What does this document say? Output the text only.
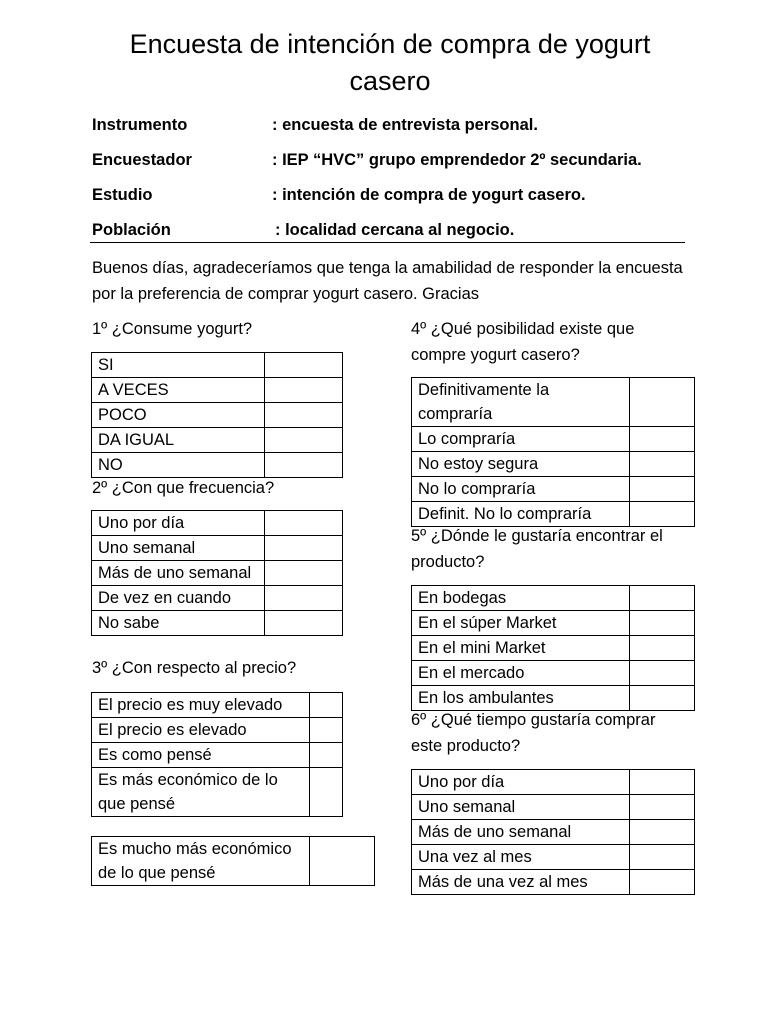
Encuesta de intención de compra de yogurt casero
Instrumento	: encuesta de entrevista personal.
Encuestador	: IEP “HVC” grupo emprendedor 2º secundaria.
Estudio	: intención de compra de yogurt casero.
Población	: localidad cercana al negocio.
Buenos días, agradeceríamos que tenga la amabilidad de responder la encuesta por la preferencia de comprar yogurt casero. Gracias
1º ¿Consume yogurt?
SI	
A VECES	
POCO	
DA IGUAL	
NO	
2º ¿Con que frecuencia?
Uno por día	
Uno semanal	
Más de uno semanal	
De vez en cuando	
No sabe	
3º ¿Con respecto al precio?
El precio es muy elevado	
El precio es elevado	
Es como pensé	
Es más económico de lo que pensé	
Es mucho más económico de lo que pensé	
4º ¿Qué posibilidad existe que compre yogurt casero?
Definitivamente la compraría	
Lo compraría	
No estoy segura	
No lo compraría	
Definit. No lo compraría	
5º ¿Dónde le gustaría encontrar el producto?
En bodegas	
En el súper Market	
En el mini Market	
En el mercado	
En los ambulantes	
6º ¿Qué tiempo gustaría comprar este producto?
Uno por día	
Uno semanal	
Más de uno semanal	
Una vez al mes	
Más de una vez al mes	
